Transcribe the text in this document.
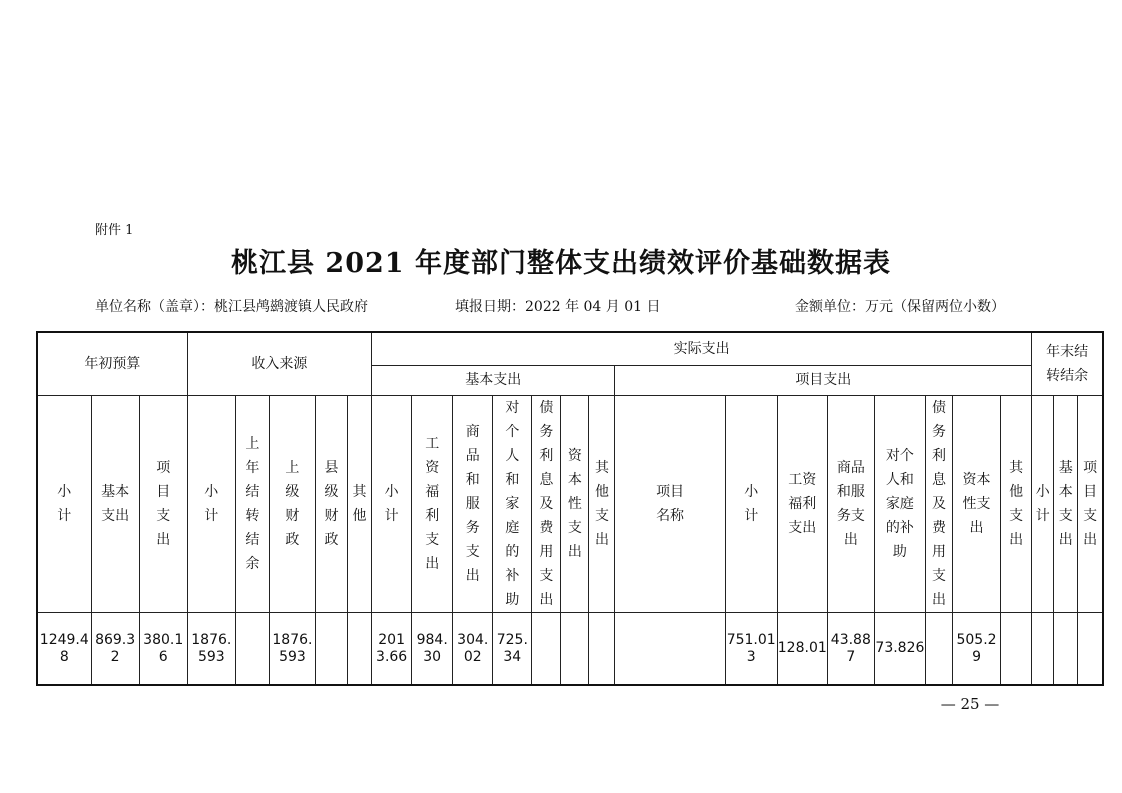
附件 1
桃江县 2021 年度部门整体支出绩效评价基础数据表
单位名称（盖章）：桃江县鸬鹚渡镇人民政府	填报日期：2022 年 04 月 01 日	金额单位：万元（保留两位小数）
年初预算			收入来源					实际支出															年末结转结余		

								基本支出							项目支出										

小计	基本支出	项目支出	小计	上年结转结余	上级财政	县级财政	其他	小计	工资福利支出	商品和服务支出	对个人和家庭的补助	债务利息及费用支出	资本性支出	其他支出	项目名称	小计	工资福利支出	商品和服务支出	对个人和家庭的补助	债务利息及费用支出	资本性支出	其他支出	小计	基本支出	项目支出

1249.48	869.32	380.16	1876.593		1876.593			2013.66	984.30	304.02	725.34					751.013	128.01	43.887	73.826		505.29				
— 25 —
